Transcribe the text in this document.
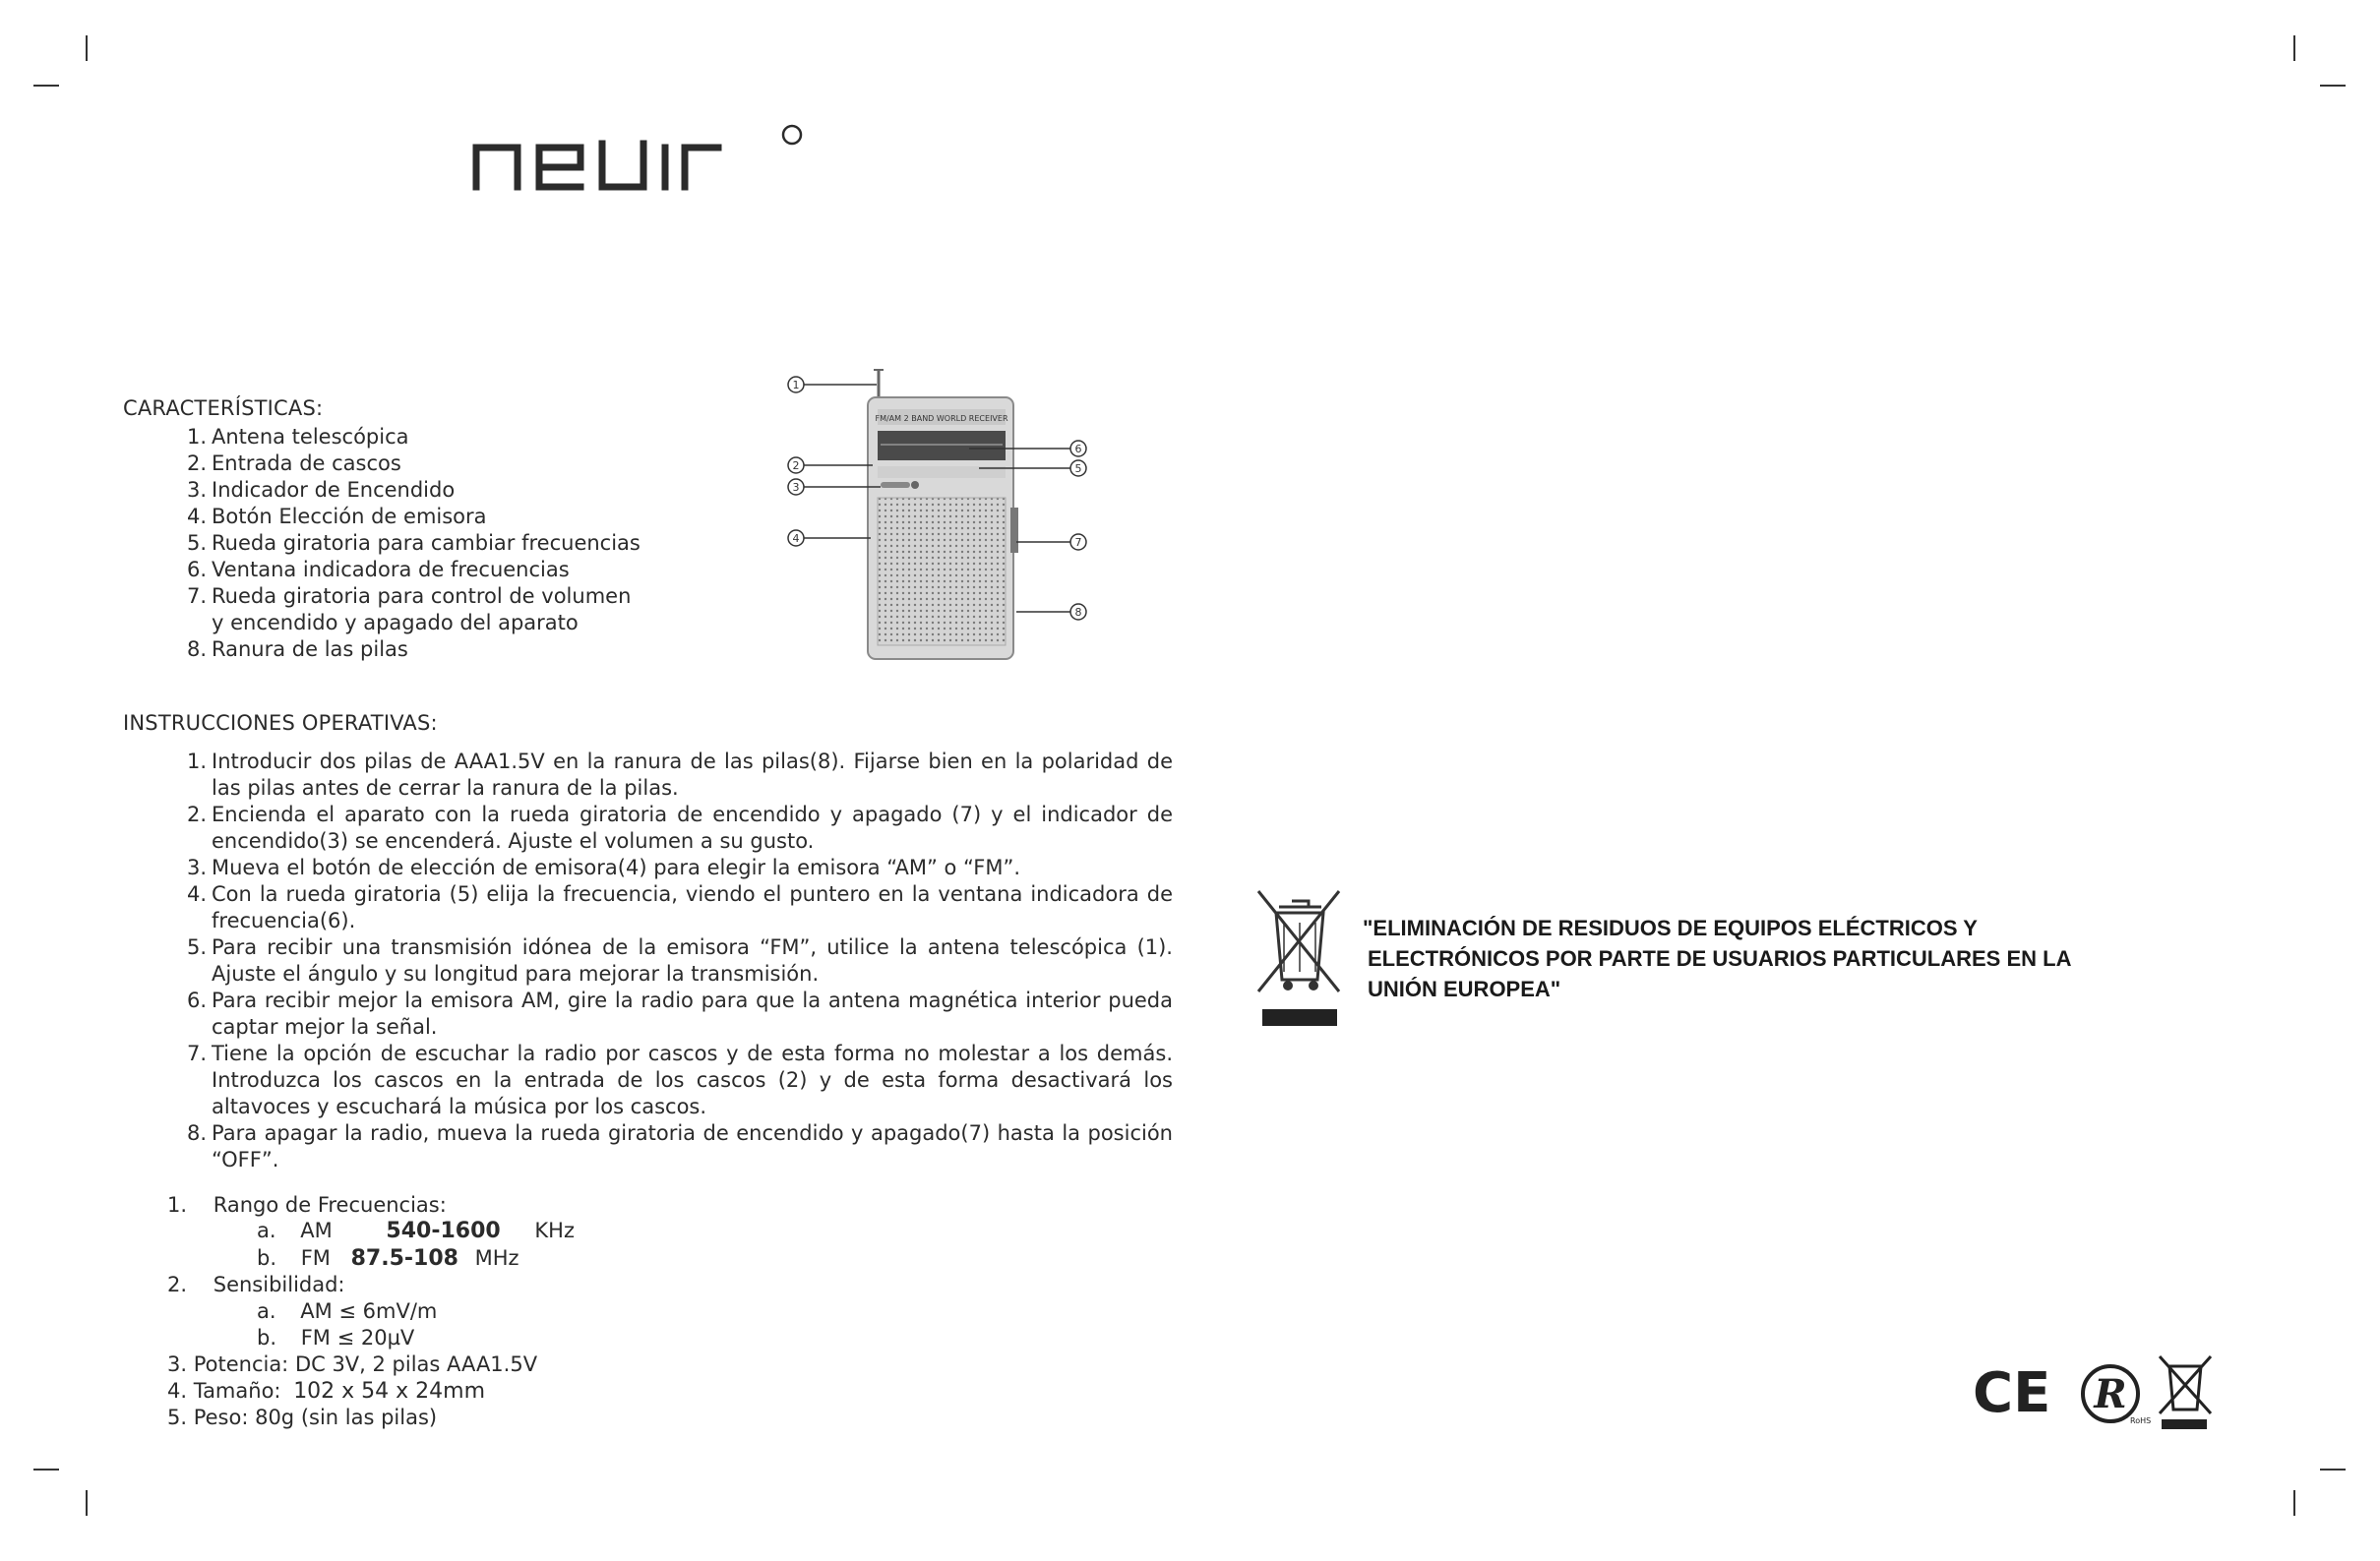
CARACTERÍSTICAS:
1. Antena telescópica
2. Entrada de cascos
3. Indicador de Encendido
4. Botón Elección de emisora
5. Rueda giratoria para cambiar frecuencias
6. Ventana indicadora de frecuencias
7. Rueda giratoria para control de volumen y encendido y apagado del aparato
8. Ranura de las pilas
FM/AM 2 BAND WORLD RECEIVER
1
2
3
4
5
6
7
8
INSTRUCCIONES OPERATIVAS:
1. Introducir dos pilas de AAA1.5V en la ranura de las pilas(8). Fijarse bien en la polaridad de las pilas antes de cerrar la ranura de la pilas.
2. Encienda el aparato con la rueda giratoria de encendido y apagado (7) y el indicador de encendido(3) se encenderá. Ajuste el volumen a su gusto.
3. Mueva el botón de elección de emisora(4) para elegir la emisora “AM” o “FM”.
4. Con la rueda giratoria (5) elija la frecuencia, viendo el puntero en la ventana indicadora de frecuencia(6).
5. Para recibir una transmisión idónea de la emisora “FM”, utilice la antena telescópica (1). Ajuste el ángulo y su longitud para mejorar la transmisión.
6. Para recibir mejor la emisora AM, gire la radio para que la antena magnética interior pueda captar mejor la señal.
7. Tiene la opción de escuchar la radio por cascos y de esta forma no molestar a los demás. Introduzca los cascos en la entrada de los cascos (2) y de esta forma desactivará los altavoces y escuchará la música por los cascos.
8. Para apagar la radio, mueva la rueda giratoria de encendido y apagado(7) hasta la posición “OFF”.
1. Rango de Frecuencias:
a. AM 540-1600 KHz
b. FM 87.5-108 MHz
2. Sensibilidad:
a. AM ≤ 6mV/m
b. FM ≤ 20µV
3. Potencia: DC 3V, 2 pilas AAA1.5V
4. Tamaño: 102 x 54 x 24mm
5. Peso: 80g (sin las pilas)
"ELIMINACIÓN DE RESIDUOS DE EQUIPOS ELÉCTRICOS Y
ELECTRÓNICOS POR PARTE DE USUARIOS PARTICULARES EN LA
UNIÓN EUROPEA"
CE R
RoHS
